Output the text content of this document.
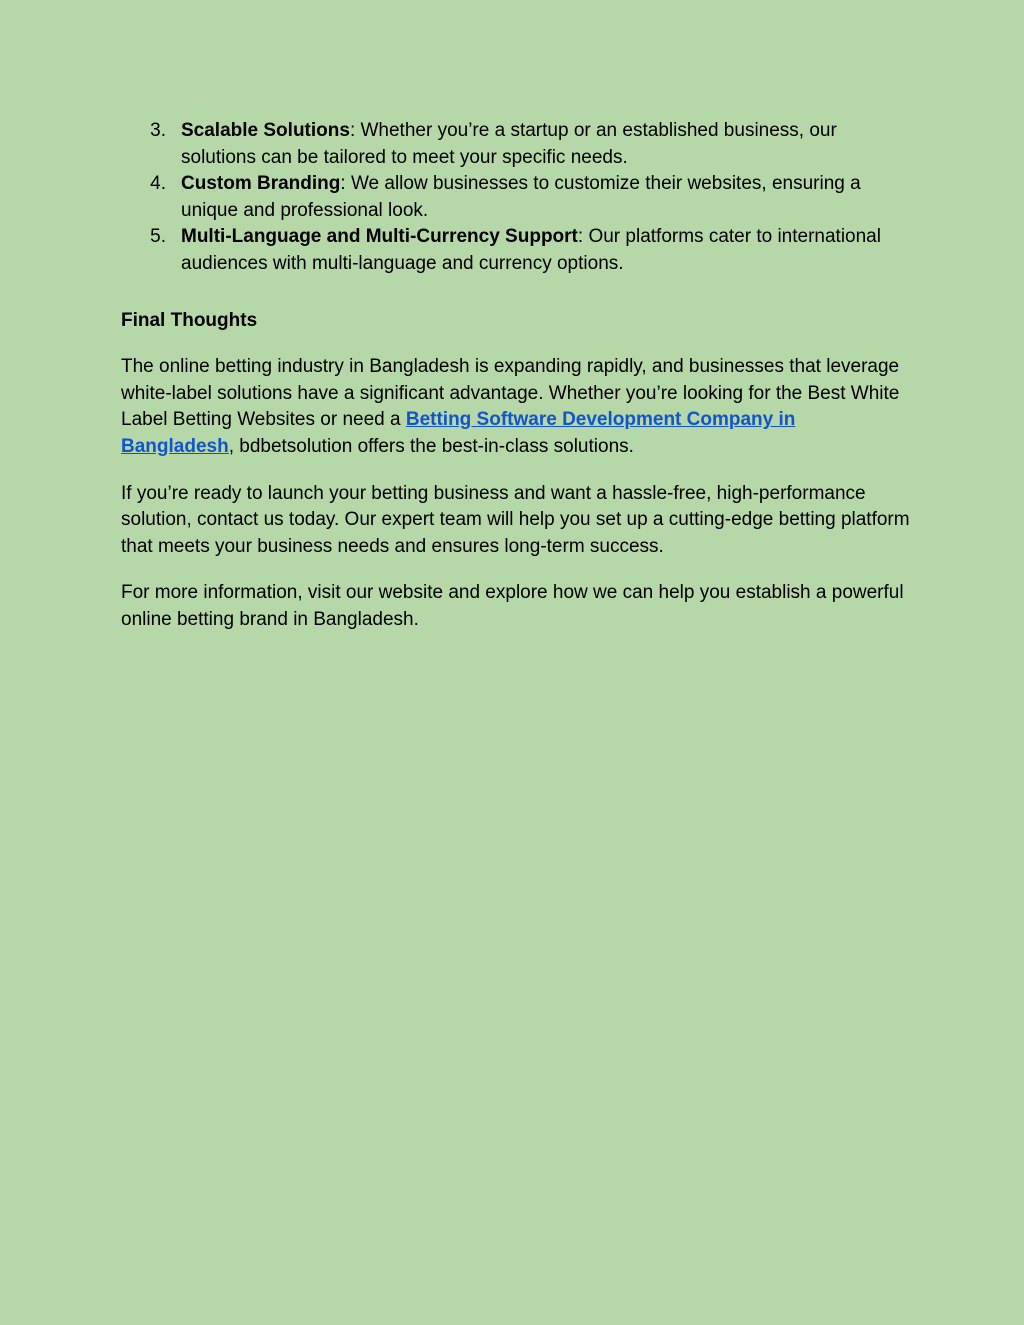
3. Scalable Solutions: Whether you’re a startup or an established business, our solutions can be tailored to meet your specific needs.
4. Custom Branding: We allow businesses to customize their websites, ensuring a unique and professional look.
5. Multi-Language and Multi-Currency Support: Our platforms cater to international audiences with multi-language and currency options.
Final Thoughts

The online betting industry in Bangladesh is expanding rapidly, and businesses that leverage white-label solutions have a significant advantage. Whether you’re looking for the Best White Label Betting Websites or need a Betting Software Development Company in Bangladesh, bdbetsolution offers the best-in-class solutions.

If you’re ready to launch your betting business and want a hassle-free, high-performance solution, contact us today. Our expert team will help you set up a cutting-edge betting platform that meets your business needs and ensures long-term success.

For more information, visit our website and explore how we can help you establish a powerful online betting brand in Bangladesh.
